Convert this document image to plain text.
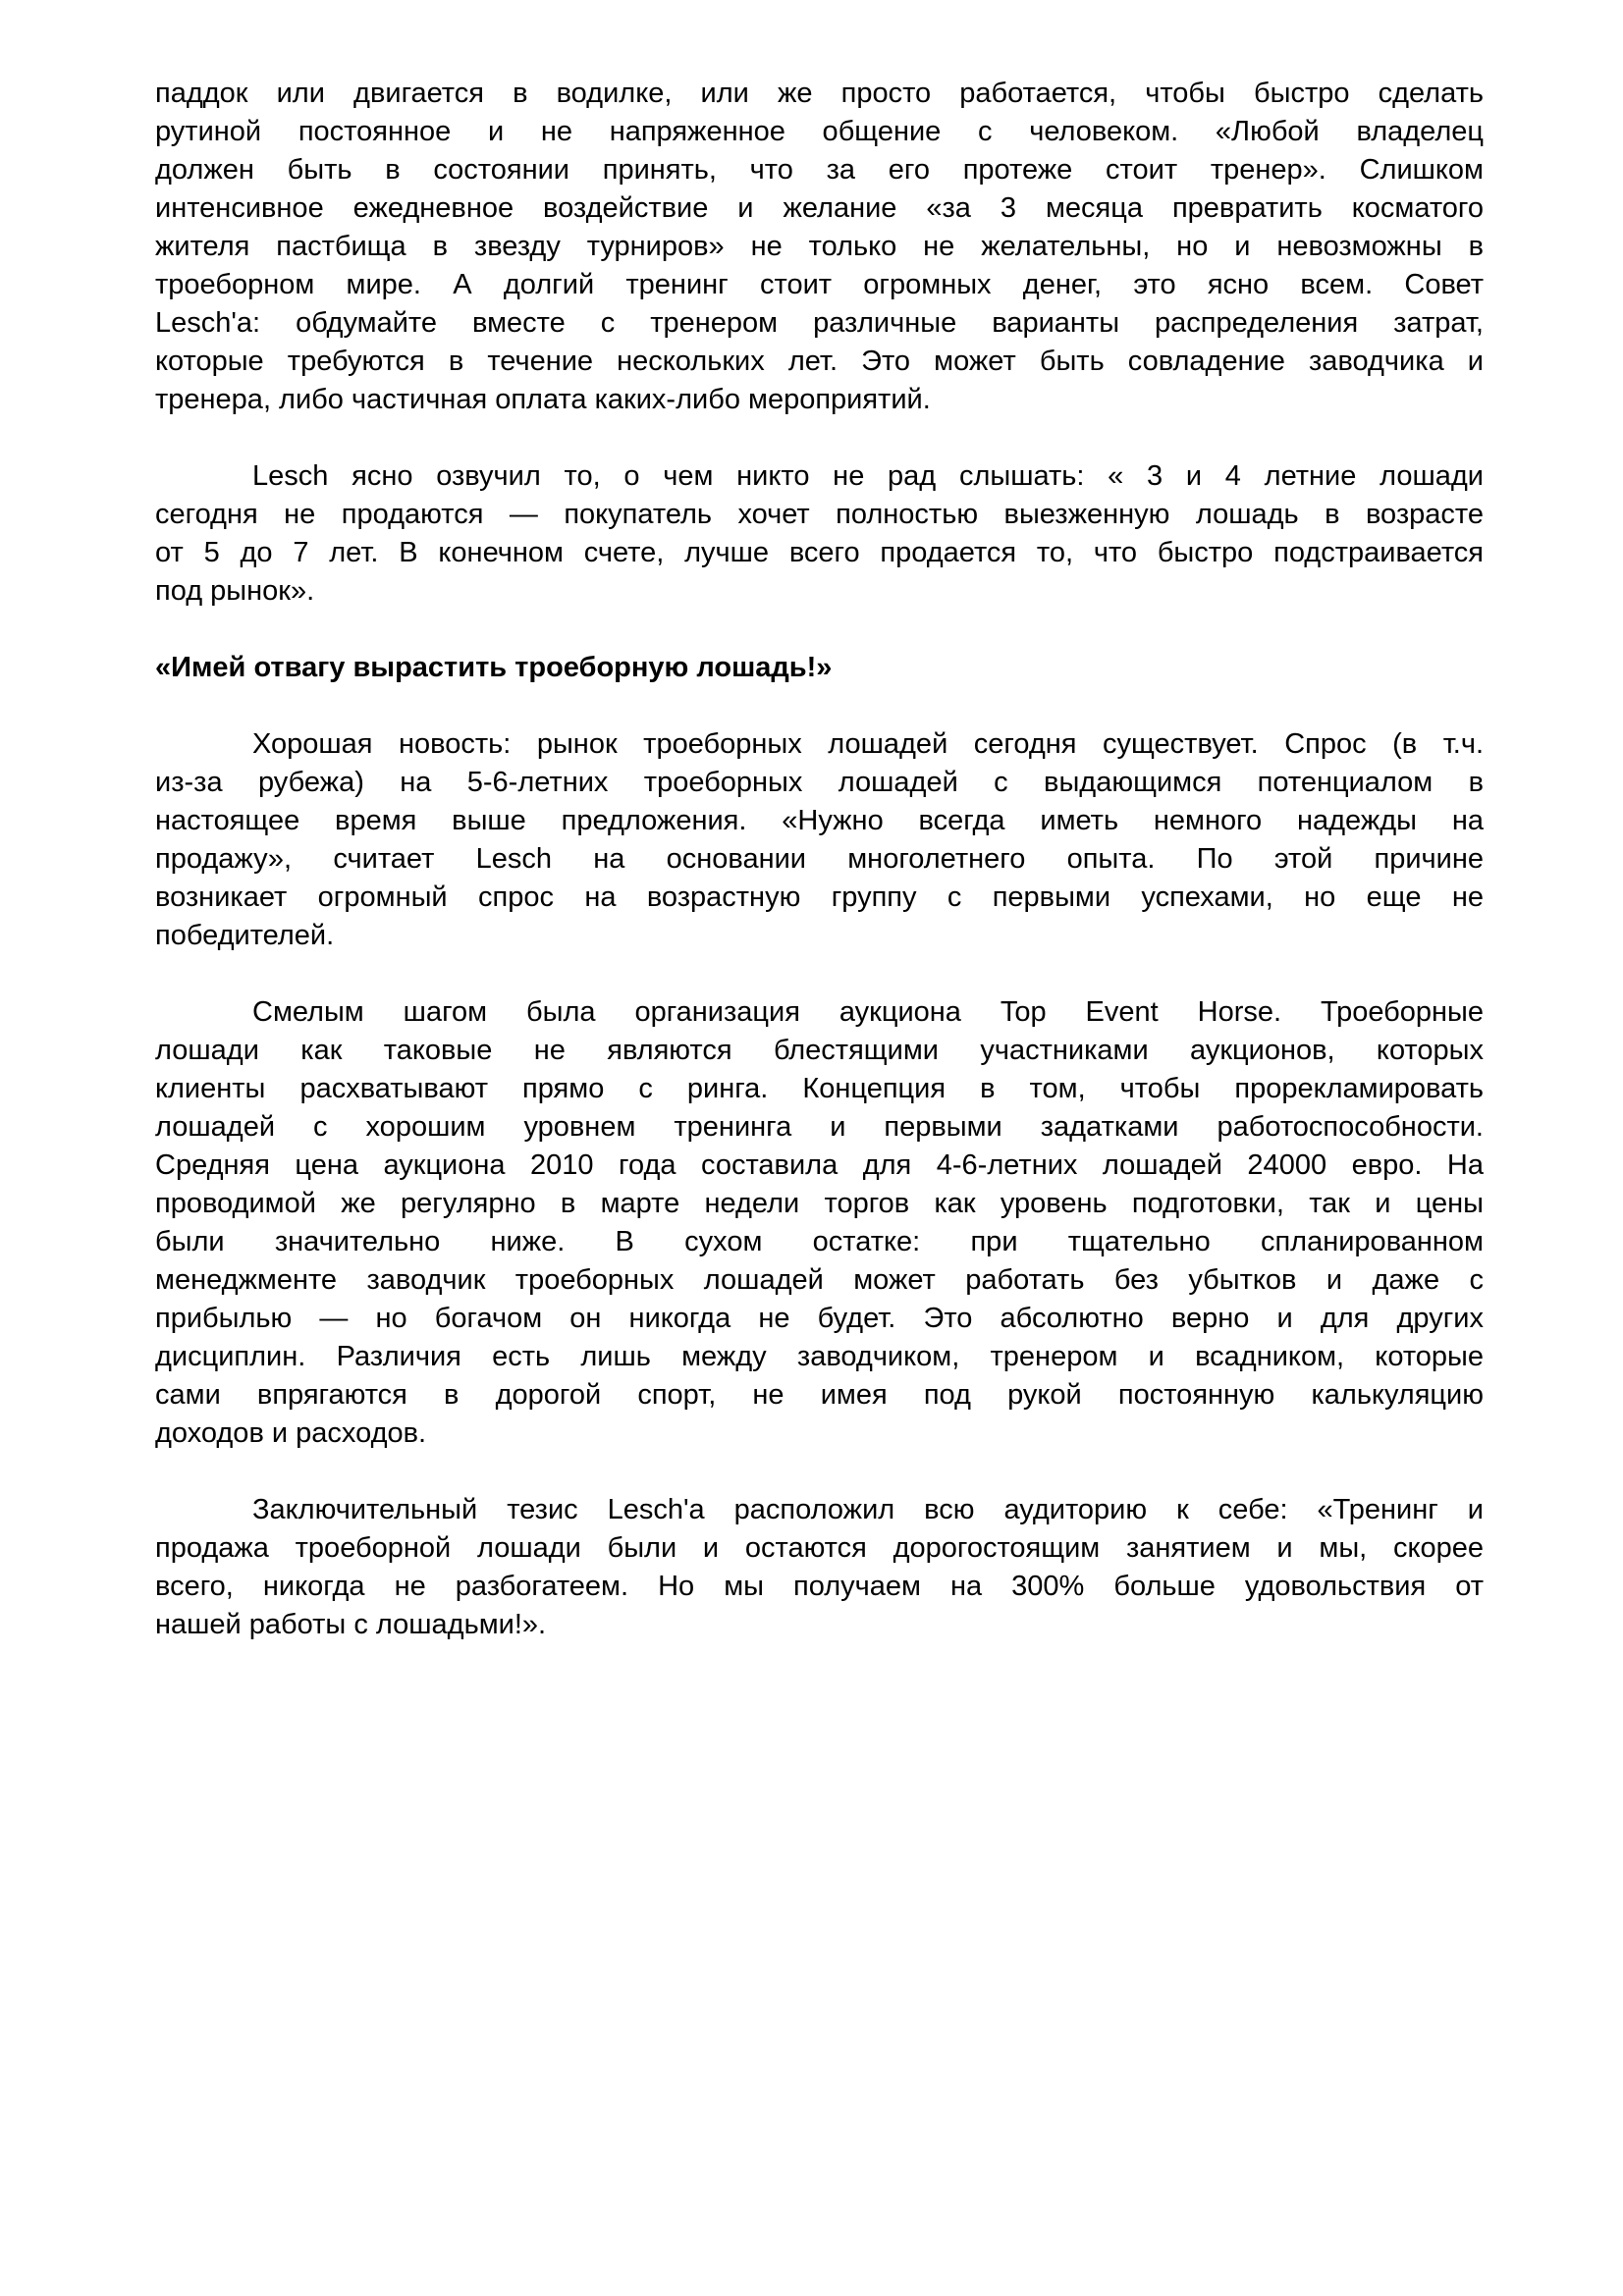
паддок или двигается в водилке, или же просто работается, чтобы быстро сделать
рутиной постоянное и не напряженное общение с человеком. «Любой владелец
должен быть в состоянии принять, что за его протеже стоит тренер». Слишком
интенсивное ежедневное воздействие и желание «за 3 месяца превратить косматого
жителя пастбища в звезду турниров» не только не желательны, но и невозможны в
троеборном мире. А долгий тренинг стоит огромных денег, это ясно всем. Совет
Lesch'a: обдумайте вместе с тренером различные варианты распределения затрат,
которые требуются в течение нескольких лет. Это может быть совладение заводчика и
тренера, либо частичная оплата каких-либо мероприятий.
Lesch ясно озвучил то, о чем никто не рад слышать: « 3 и 4 летние лошади
сегодня не продаются — покупатель хочет полностью выезженную лошадь в возрасте
от 5 до 7 лет. В конечном счете, лучше всего продается то, что быстро подстраивается
под рынок».
«Имей отвагу вырастить троеборную лошадь!»
Хорошая новость: рынок троеборных лошадей сегодня существует. Спрос (в т.ч.
из-за рубежа) на 5-6-летних троеборных лошадей с выдающимся потенциалом в
настоящее время выше предложения. «Нужно всегда иметь немного надежды на
продажу», считает Lesch на основании многолетнего опыта. По этой причине
возникает огромный спрос на возрастную группу с первыми успехами, но еще не
победителей.
Смелым шагом была организация аукциона Top Event Horse. Троеборные
лошади как таковые не являются блестящими участниками аукционов, которых
клиенты расхватывают прямо с ринга. Концепция в том, чтобы прорекламировать
лошадей с хорошим уровнем тренинга и первыми задатками работоспособности.
Средняя цена аукциона 2010 года составила для 4-6-летних лошадей 24000 евро. На
проводимой же регулярно в марте недели торгов как уровень подготовки, так и цены
были значительно ниже. В сухом остатке: при тщательно спланированном
менеджменте заводчик троеборных лошадей может работать без убытков и даже с
прибылью — но богачом он никогда не будет. Это абсолютно верно и для других
дисциплин. Различия есть лишь между заводчиком, тренером и всадником, которые
сами впрягаются в дорогой спорт, не имея под рукой постоянную калькуляцию
доходов и расходов.
Заключительный тезис Lesch'a расположил всю аудиторию к себе: «Тренинг и
продажа троеборной лошади были и остаются дорогостоящим занятием и мы, скорее
всего, никогда не разбогатеем. Но мы получаем на 300% больше удовольствия от
нашей работы с лошадьми!».
